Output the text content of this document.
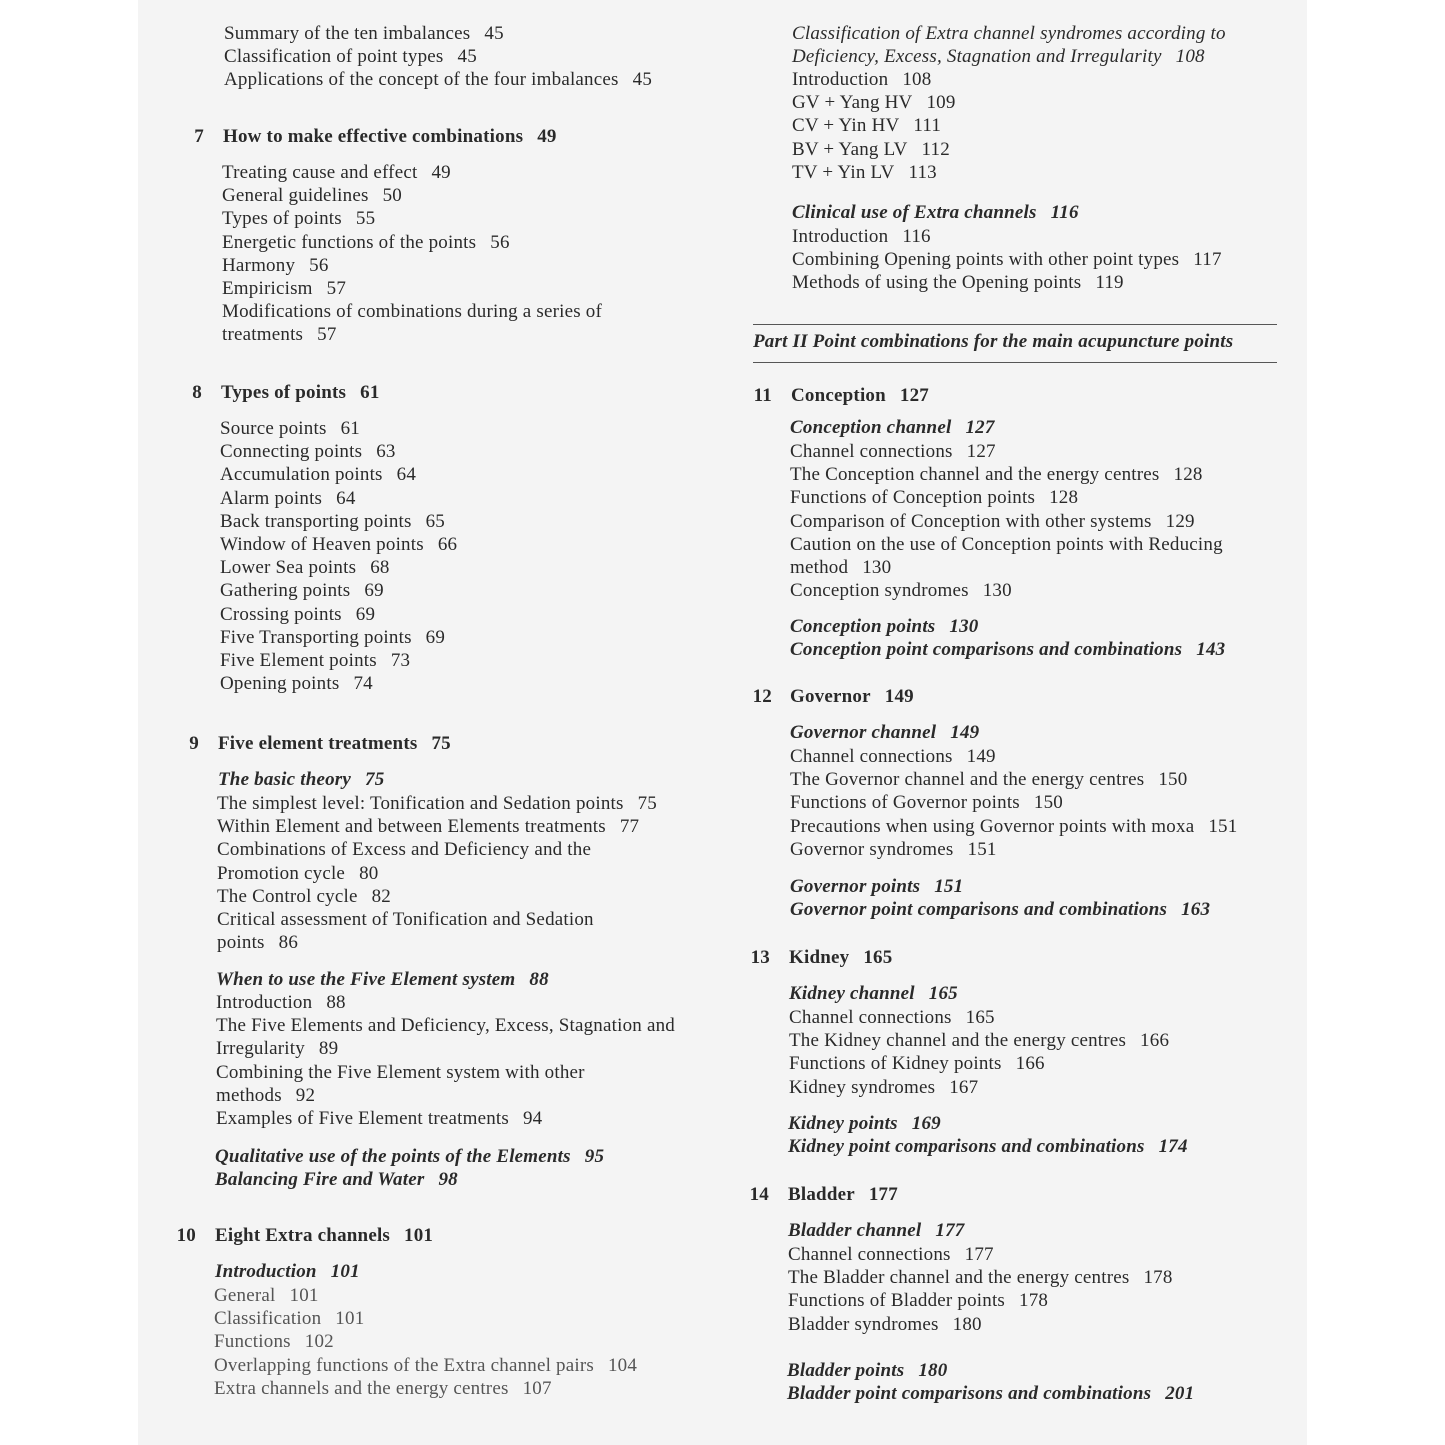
Summary of the ten imbalances 45
Classification of point types 45
Applications of the concept of the four imbalances 45
7 How to make effective combinations 49
Treating cause and effect 49
General guidelines 50
Types of points 55
Energetic functions of the points 56
Harmony 56
Empiricism 57
Modifications of combinations during a series of
treatments 57
8 Types of points 61
Source points 61
Connecting points 63
Accumulation points 64
Alarm points 64
Back transporting points 65
Window of Heaven points 66
Lower Sea points 68
Gathering points 69
Crossing points 69
Five Transporting points 69
Five Element points 73
Opening points 74
9 Five element treatments 75
The basic theory 75
The simplest level: Tonification and Sedation points 75
Within Element and between Elements treatments 77
Combinations of Excess and Deficiency and the
Promotion cycle 80
The Control cycle 82
Critical assessment of Tonification and Sedation
points 86
When to use the Five Element system 88
Introduction 88
The Five Elements and Deficiency, Excess, Stagnation and
Irregularity 89
Combining the Five Element system with other
methods 92
Examples of Five Element treatments 94
Qualitative use of the points of the Elements 95
Balancing Fire and Water 98
10 Eight Extra channels 101
Introduction 101
General 101
Classification 101
Functions 102
Overlapping functions of the Extra channel pairs 104
Extra channels and the energy centres 107
Classification of Extra channel syndromes according to
Deficiency, Excess, Stagnation and Irregularity 108
Introduction 108
GV + Yang HV 109
CV + Yin HV 111
BV + Yang LV 112
TV + Yin LV 113
Clinical use of Extra channels 116
Introduction 116
Combining Opening points with other point types 117
Methods of using the Opening points 119
Part II Point combinations for the main acupuncture points
11 Conception 127
Conception channel 127
Channel connections 127
The Conception channel and the energy centres 128
Functions of Conception points 128
Comparison of Conception with other systems 129
Caution on the use of Conception points with Reducing
method 130
Conception syndromes 130
Conception points 130
Conception point comparisons and combinations 143
12 Governor 149
Governor channel 149
Channel connections 149
The Governor channel and the energy centres 150
Functions of Governor points 150
Precautions when using Governor points with moxa 151
Governor syndromes 151
Governor points 151
Governor point comparisons and combinations 163
13 Kidney 165
Kidney channel 165
Channel connections 165
The Kidney channel and the energy centres 166
Functions of Kidney points 166
Kidney syndromes 167
Kidney points 169
Kidney point comparisons and combinations 174
14 Bladder 177
Bladder channel 177
Channel connections 177
The Bladder channel and the energy centres 178
Functions of Bladder points 178
Bladder syndromes 180
Bladder points 180
Bladder point comparisons and combinations 201
